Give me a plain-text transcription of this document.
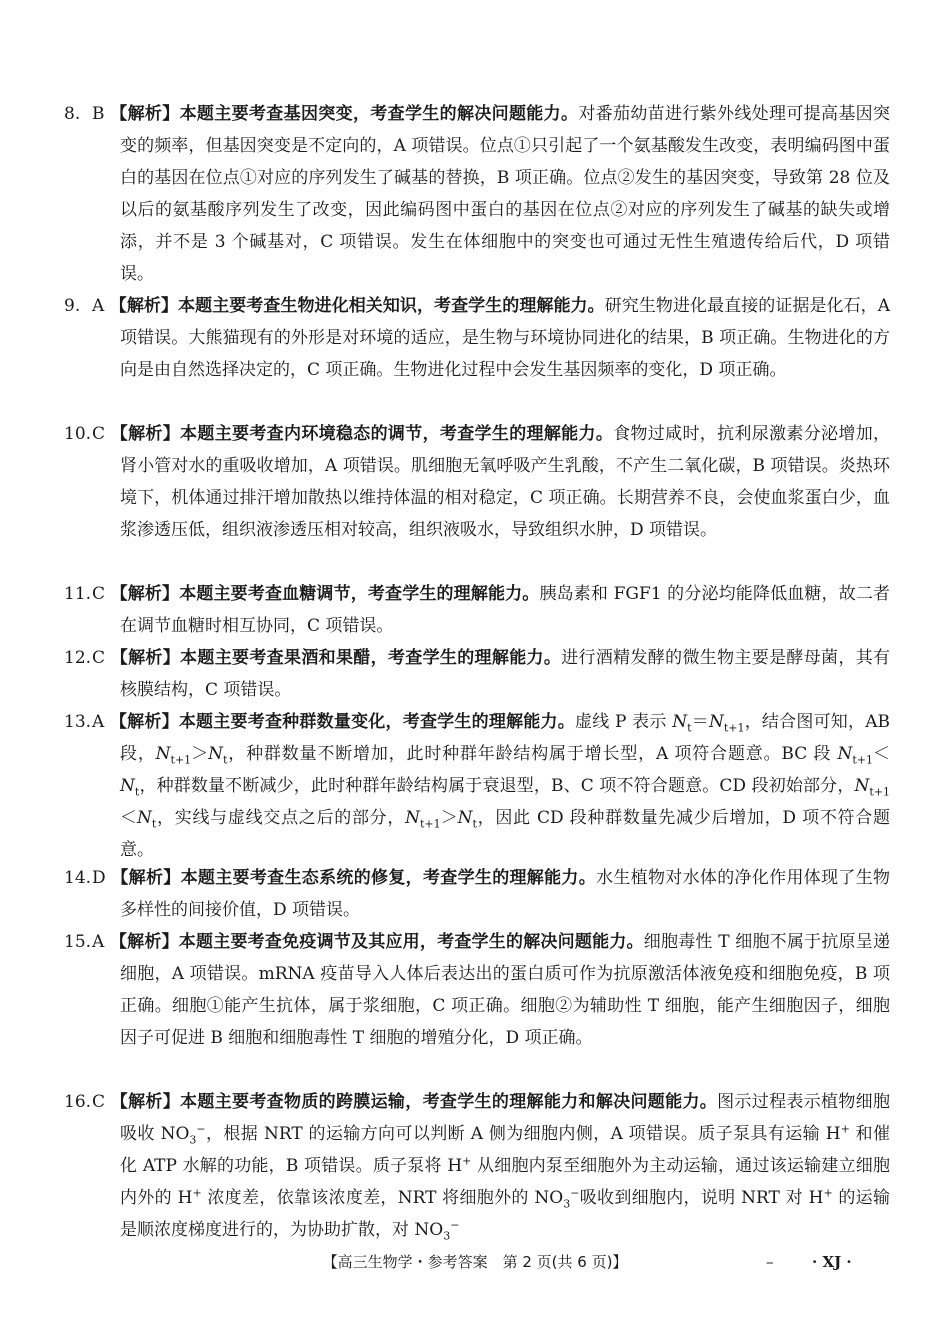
8. B 【解析】本题主要考查基因突变，考查学生的解决问题能力。对番茄幼苗进行紫外线处理可提高基因突变的频率，但基因突变是不定向的，A 项错误。位点①只引起了一个氨基酸发生改变，表明编码图中蛋白的基因在位点①对应的序列发生了碱基的替换，B 项正确。位点②发生的基因突变，导致第 28 位及以后的氨基酸序列发生了改变，因此编码图中蛋白的基因在位点②对应的序列发生了碱基的缺失或增添，并不是 3 个碱基对，C 项错误。发生在体细胞中的突变也可通过无性生殖遗传给后代，D 项错误。
9. A 【解析】本题主要考查生物进化相关知识，考查学生的理解能力。研究生物进化最直接的证据是化石，A 项错误。大熊猫现有的外形是对环境的适应，是生物与环境协同进化的结果，B 项正确。生物进化的方向是由自然选择决定的，C 项正确。生物进化过程中会发生基因频率的变化，D 项正确。
10.C 【解析】本题主要考查内环境稳态的调节，考查学生的理解能力。食物过咸时，抗利尿激素分泌增加，肾小管对水的重吸收增加，A 项错误。肌细胞无氧呼吸产生乳酸，不产生二氧化碳，B 项错误。炎热环境下，机体通过排汗增加散热以维持体温的相对稳定，C 项正确。长期营养不良，会使血浆蛋白少，血浆渗透压低，组织液渗透压相对较高，组织液吸水，导致组织水肿，D 项错误。
11.C 【解析】本题主要考查血糖调节，考查学生的理解能力。胰岛素和 FGF1 的分泌均能降低血糖，故二者在调节血糖时相互协同，C 项错误。
12.C 【解析】本题主要考查果酒和果醋，考查学生的理解能力。进行酒精发酵的微生物主要是酵母菌，其有核膜结构，C 项错误。
13.A 【解析】本题主要考查种群数量变化，考查学生的理解能力。虚线 P 表示 $N_t=N_{t+1}$，结合图可知，AB 段，$N_{t+1}>N_t$，种群数量不断增加，此时种群年龄结构属于增长型，A 项符合题意。BC 段 $N_{t+1}<N_t$，种群数量不断减少，此时种群年龄结构属于衰退型，B、C 项不符合题意。CD 段初始部分，$N_{t+1}<N_t$，实线与虚线交点之后的部分，$N_{t+1}>N_t$，因此 CD 段种群数量先减少后增加，D 项不符合题意。
14.D 【解析】本题主要考查生态系统的修复，考查学生的理解能力。水生植物对水体的净化作用体现了生物多样性的间接价值，D 项错误。
15.A 【解析】本题主要考查免疫调节及其应用，考查学生的解决问题能力。细胞毒性 T 细胞不属于抗原呈递细胞，A 项错误。mRNA 疫苗导入人体后表达出的蛋白质可作为抗原激活体液免疫和细胞免疫，B 项正确。细胞①能产生抗体，属于浆细胞，C 项正确。细胞②为辅助性 T 细胞，能产生细胞因子，细胞因子可促进 B 细胞和细胞毒性 T 细胞的增殖分化，D 项正确。
16.C 【解析】本题主要考查物质的跨膜运输，考查学生的理解能力和解决问题能力。图示过程表示植物细胞吸收 $NO_3^-$，根据 NRT 的运输方向可以判断 A 侧为细胞内侧，A 项错误。质子泵具有运输 H+ 和催化 ATP 水解的功能，B 项错误。质子泵将 H+ 从细胞内泵至细胞外为主动运输，通过该运输建立细胞内外的 H+ 浓度差，依靠该浓度差，NRT 将细胞外的 $NO_3^-$吸收到细胞内，说明 NRT 对 H+ 的运输是顺浓度梯度进行的，为协助扩散，对 $NO_3^-$
【高三生物学・参考答案　第 2 页(共 6 页)】	–	· XJ ·
